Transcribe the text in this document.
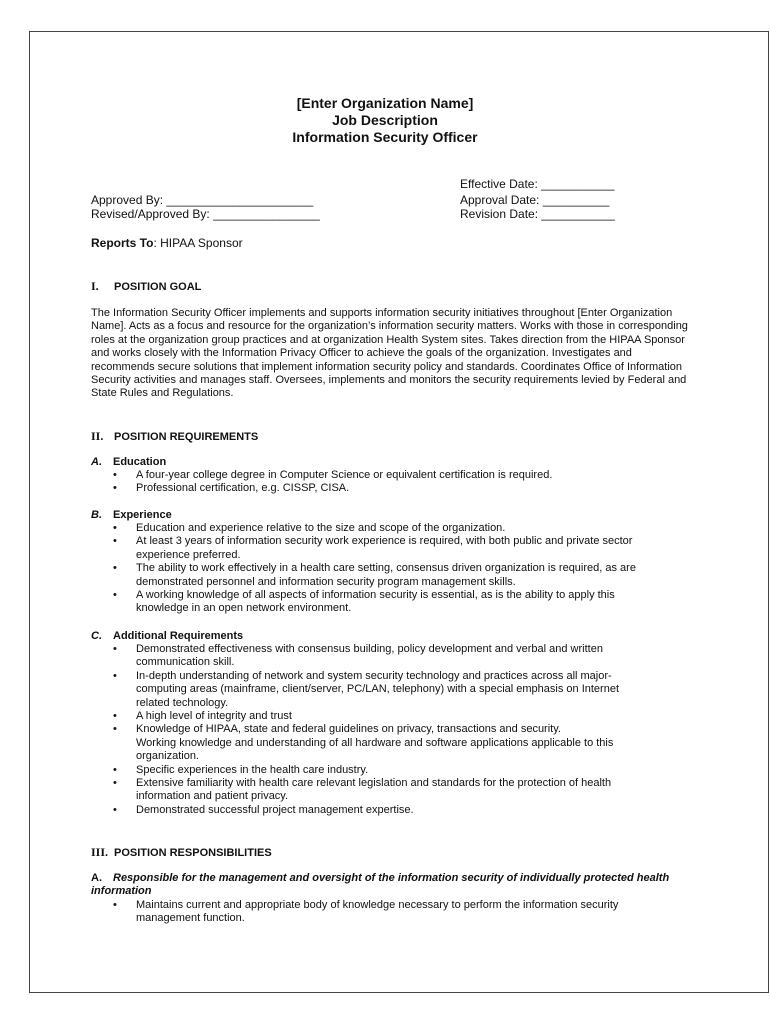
[Enter Organization Name]
Job Description
Information Security Officer
Effective Date: ___________
Approved By: ______________________	Approval Date: __________
Revised/Approved By: ________________	Revision Date: ___________
Reports To: HIPAA Sponsor
I. POSITION GOAL

The Information Security Officer implements and supports information security initiatives throughout [Enter Organization Name]. Acts as a focus and resource for the organization’s information security matters. Works with those in corresponding roles at the organization group practices and at organization Health System sites. Takes direction from the HIPAA Sponsor and works closely with the Information Privacy Officer to achieve the goals of the organization. Investigates and recommends secure solutions that implement information security policy and standards. Coordinates Office of Information Security activities and manages staff. Oversees, implements and monitors the security requirements levied by Federal and State Rules and Regulations.

II. POSITION REQUIREMENTS
A. Education
• A four-year college degree in Computer Science or equivalent certification is required.
• Professional certification, e.g. CISSP, CISA.
B. Experience
• Education and experience relative to the size and scope of the organization.
• At least 3 years of information security work experience is required, with both public and private sector experience preferred.
• The ability to work effectively in a health care setting, consensus driven organization is required, as are demonstrated personnel and information security program management skills.
• A working knowledge of all aspects of information security is essential, as is the ability to apply this knowledge in an open network environment.
C. Additional Requirements
• Demonstrated effectiveness with consensus building, policy development and verbal and written communication skill.
• In-depth understanding of network and system security technology and practices across all major-computing areas (mainframe, client/server, PC/LAN, telephony) with a special emphasis on Internet related technology.
• A high level of integrity and trust
• Knowledge of HIPAA, state and federal guidelines on privacy, transactions and security.
Working knowledge and understanding of all hardware and software applications applicable to this organization.
• Specific experiences in the health care industry.
• Extensive familiarity with health care relevant legislation and standards for the protection of health information and patient privacy.
• Demonstrated successful project management expertise.
III. POSITION RESPONSIBILITIES
A. Responsible for the management and oversight of the information security of individually protected health information
• Maintains current and appropriate body of knowledge necessary to perform the information security management function.
